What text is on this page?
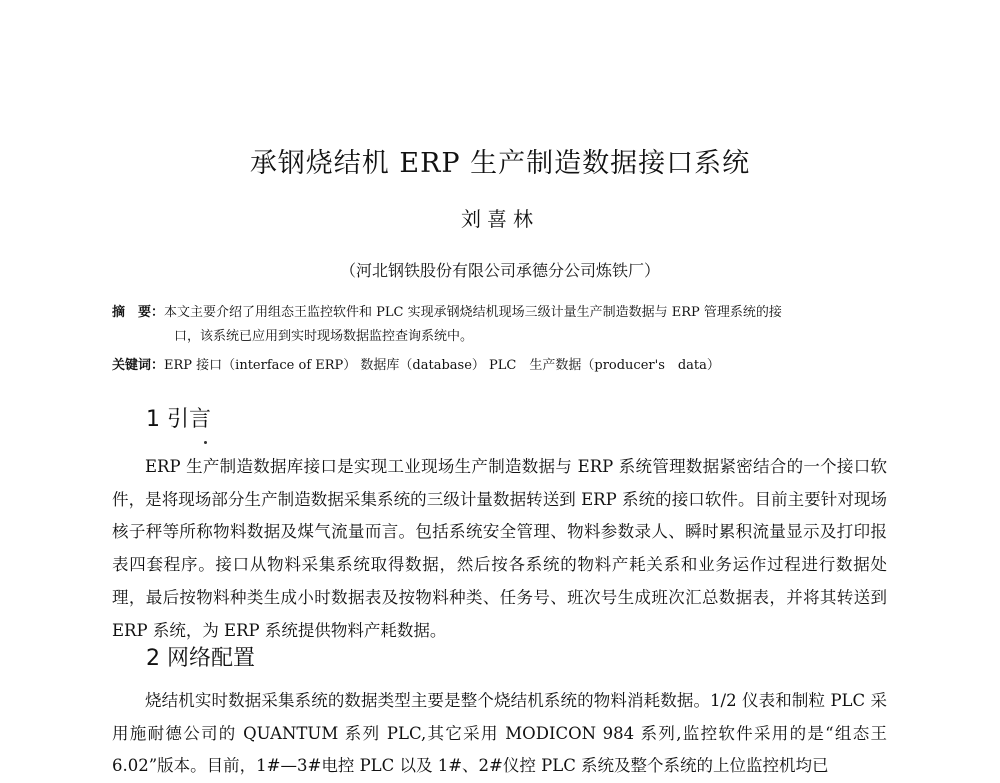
承钢烧结机 ERP 生产制造数据接口系统
刘喜林
（河北钢铁股份有限公司承德分公司炼铁厂）
摘　要：本文主要介绍了用组态王监控软件和 PLC 实现承钢烧结机现场三级计量生产制造数据与 ERP 管理系统的接
口，该系统已应用到实时现场数据监控查询系统中。
关键词：ERP 接口（interface of ERP） 数据库（database） PLC　生产数据（producer's　data）
1 引言
ERP 生产制造数据库接口是实现工业现场生产制造数据与 ERP 系统管理数据紧密结合的一个接口软件，是将现场部分生产制造数据采集系统的三级计量数据转送到 ERP 系统的接口软件。目前主要针对现场核子秤等所称物料数据及煤气流量而言。包括系统安全管理、物料参数录人、瞬时累积流量显示及打印报表四套程序。接口从物料采集系统取得数据，然后按各系统的物料产耗关系和业务运作过程进行数据处理，最后按物料种类生成小时数据表及按物料种类、任务号、班次号生成班次汇总数据表，并将其转送到 ERP 系统，为 ERP 系统提供物料产耗数据。
2 网络配置
烧结机实时数据采集系统的数据类型主要是整个烧结机系统的物料消耗数据。1/2 仪表和制粒 PLC 采用施耐德公司的 QUANTUM 系列 PLC,其它采用 MODICON 984 系列,监控软件采用的是“组态王 6.02”版本。目前，1#—3#电控 PLC 以及 1#、2#仪控 PLC 系统及整个系统的上位监控机均已
